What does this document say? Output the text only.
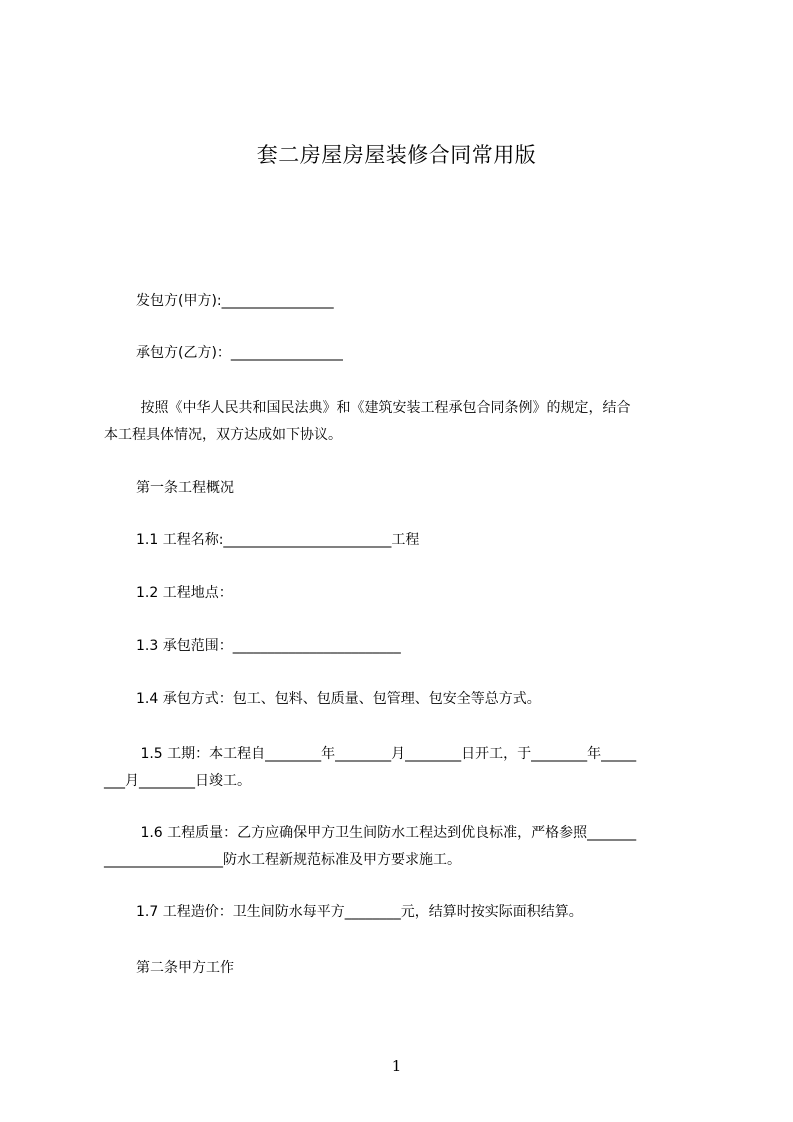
套二房屋房屋装修合同常用版
发包方(甲方):________________
承包方(乙方)：________________
按照《中华人民共和国民法典》和《建筑安装工程承包合同条例》的规定，结合
本工程具体情况，双方达成如下协议。
第一条工程概况
1.1 工程名称:________________________工程
1.2 工程地点：
1.3 承包范围：________________________
1.4 承包方式：包工、包料、包质量、包管理、包安全等总方式。
1.5 工期：本工程自________年________月________日开工，于________年_____
___月________日竣工。
1.6 工程质量：乙方应确保甲方卫生间防水工程达到优良标准，严格参照_______
_________________防水工程新规范标准及甲方要求施工。
1.7 工程造价：卫生间防水每平方________元，结算时按实际面积结算。
第二条甲方工作
1
